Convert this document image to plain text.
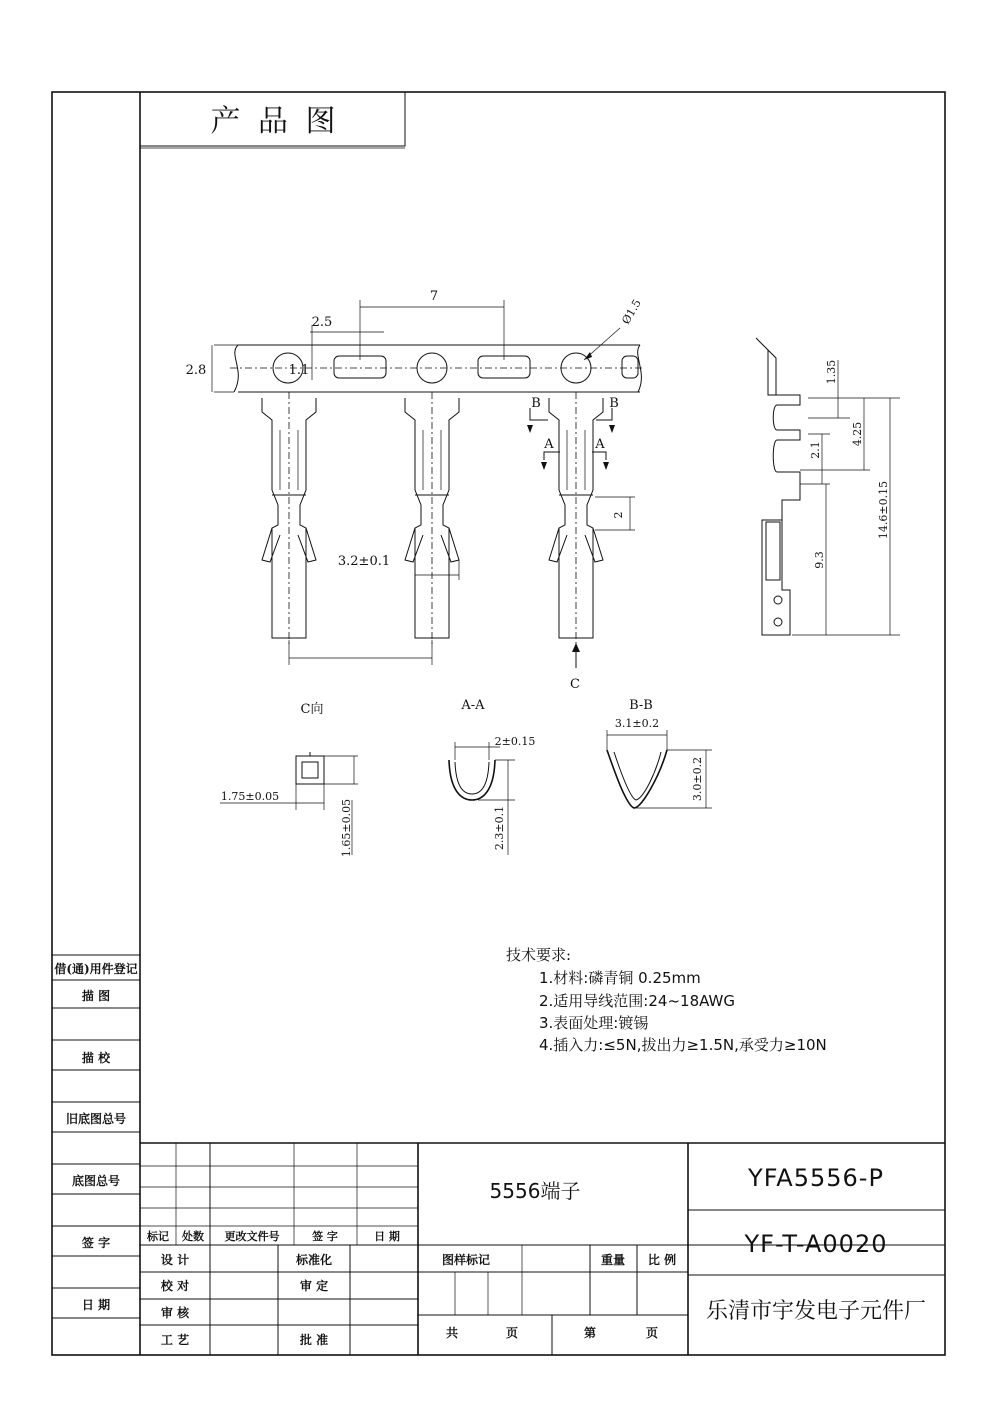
产 品 图
B	B
A	A
C
7
2.5
2.8	1.1
Ø1.5
3.2±0.1
2
1.35
4.25
2.1
9.3
14.6±0.15
C向	A-A	B-B
1.75±0.05
1.65±0.05
2±0.15
2.3±0.1
3.1±0.2
3.0±0.2
技术要求:
1.材料:磷青铜 0.25mm
2.适用导线范围:24~18AWG
3.表面处理:镀锡
4.插入力:≤5N,拔出力≥1.5N,承受力≥10N
借(通)用件登记
描 图
描 校
旧底图总号
底图总号
签 字
日 期
标记 处数 更改文件号	签 字	日 期
设 计	标准化
校 对	审 定
审 核
工 艺	批 准
5556端子
图样标记	重量 比 例
共	页	第	页
YFA5556-P
YF-T-A0020
乐清市宇发电子元件厂
